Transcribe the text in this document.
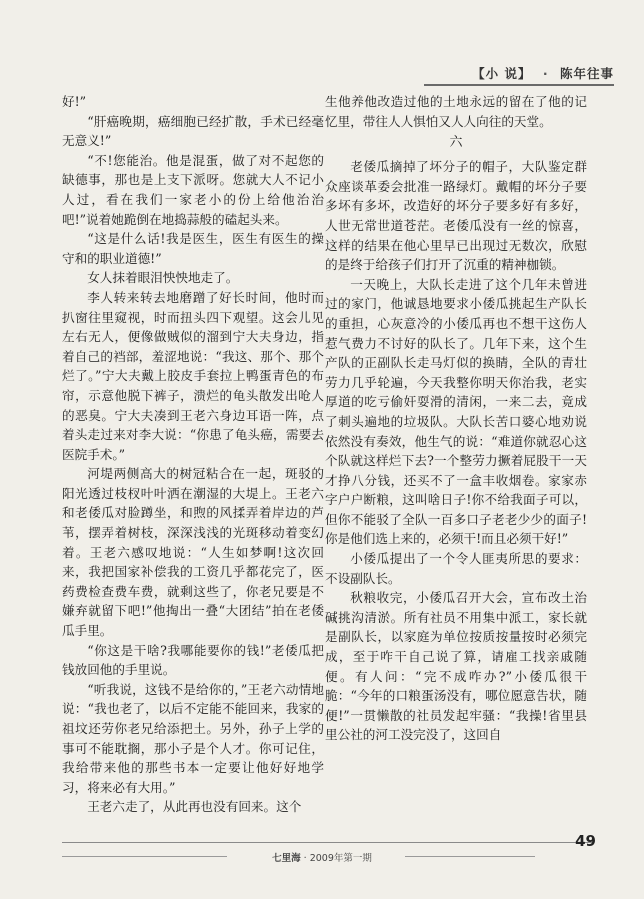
【小 说】 · 陈年往事

好!”

“肝癌晚期，癌细胞已经扩散，手术已经毫无意义!”

“不!您能治。他是混蛋，做了对不起您的缺德事，那也是上支下派呀。您就大人不记小人过，看在我们一家老小的份上给他治治吧!”说着她跪倒在地捣蒜般的磕起头来。

“这是什么话!我是医生，医生有医生的操守和的职业道德!”

女人抹着眼泪怏怏地走了。

李人转来转去地磨蹭了好长时间，他时而扒窗往里窥视，时而扭头四下观望。这会儿见左右无人，便像做贼似的溜到宁大夫身边，指着自己的裆部，羞涩地说：“我这、那个、那个烂了。”宁大夫戴上胶皮手套拉上鸭蛋青色的布帘，示意他脱下裤子，溃烂的龟头散发出呛人的恶臭。宁大夫凑到王老六身边耳语一阵，点着头走过来对李大说：“你患了龟头癌，需要去医院手术。”

河堤两侧高大的树冠粘合在一起，斑驳的阳光透过枝杈叶叶洒在潮湿的大堤上。王老六和老倭瓜对脸蹲坐，和煦的风揉弄着岸边的芦苇，摆弄着树枝，深深浅浅的光斑移动着变幻着。王老六感叹地说：“人生如梦啊!这次回来，我把国家补偿我的工资几乎都花完了，医药费检查费车费，就剩这些了，你老兄要是不嫌弃就留下吧!”他掏出一叠“大团结”拍在老倭瓜手里。

“你这是干啥?我哪能要你的钱!”老倭瓜把钱放回他的手里说。

“听我说，这钱不是给你的，”王老六动情地说：“我也老了，以后不定能不能回来，我家的祖坟还劳你老兄给添把土。另外，孙子上学的事可不能耽搁，那小子是个人才。你可记住，我给带来他的那些书本一定要让他好好地学习，将来必有大用。”

王老六走了，从此再也没有回来。这个

生他养他改造过他的土地永远的留在了他的记忆里，带往人人惧怕又人人向往的天堂。

六

老倭瓜摘掉了坏分子的帽子，大队鉴定群众座谈革委会批准一路绿灯。戴帽的坏分子要多坏有多坏，改造好的坏分子要多好有多好，人世无常世道苍茫。老倭瓜没有一丝的惊喜，这样的结果在他心里早已出现过无数次，欣慰的是终于给孩子们打开了沉重的精神枷锁。

一天晚上，大队长走进了这个几年未曾进过的家门，他诚恳地要求小倭瓜挑起生产队长的重担，心灰意冷的小倭瓜再也不想干这伤人惹气费力不讨好的队长了。几年下来，这个生产队的正副队长走马灯似的换睛，全队的青壮劳力几乎轮遍，今天我整你明天你治我，老实厚道的吃亏偷奸耍滑的清闲，一来二去，竟成了刺头遍地的垃圾队。大队长苦口婆心地劝说依然没有奏效，他生气的说：“难道你就忍心这个队就这样烂下去?一个整劳力撅着屁股干一天才挣八分钱，还买不了一盒丰收烟卷。家家赤字户户断粮，这叫啥日子!你不给我面子可以，但你不能驳了全队一百多口子老老少少的面子!你是他们选上来的，必须干!而且必须干好!”

小倭瓜提出了一个令人匪夷所思的要求：不设副队长。

秋粮收完，小倭瓜召开大会，宣布改土治碱挑沟清淤。所有社员不用集中派工，家长就是副队长，以家庭为单位按质按量按时必须完成，至于咋干自己说了算，请雇工找亲戚随便。有人问：“完不成咋办?”小倭瓜很干脆：“今年的口粮蛋汤没有，哪位愿意告状，随便!”一贯懒散的社员发起牢骚：“我操!省里县里公社的河工没完没了，这回自

七里海 · 2009年第一期
49
